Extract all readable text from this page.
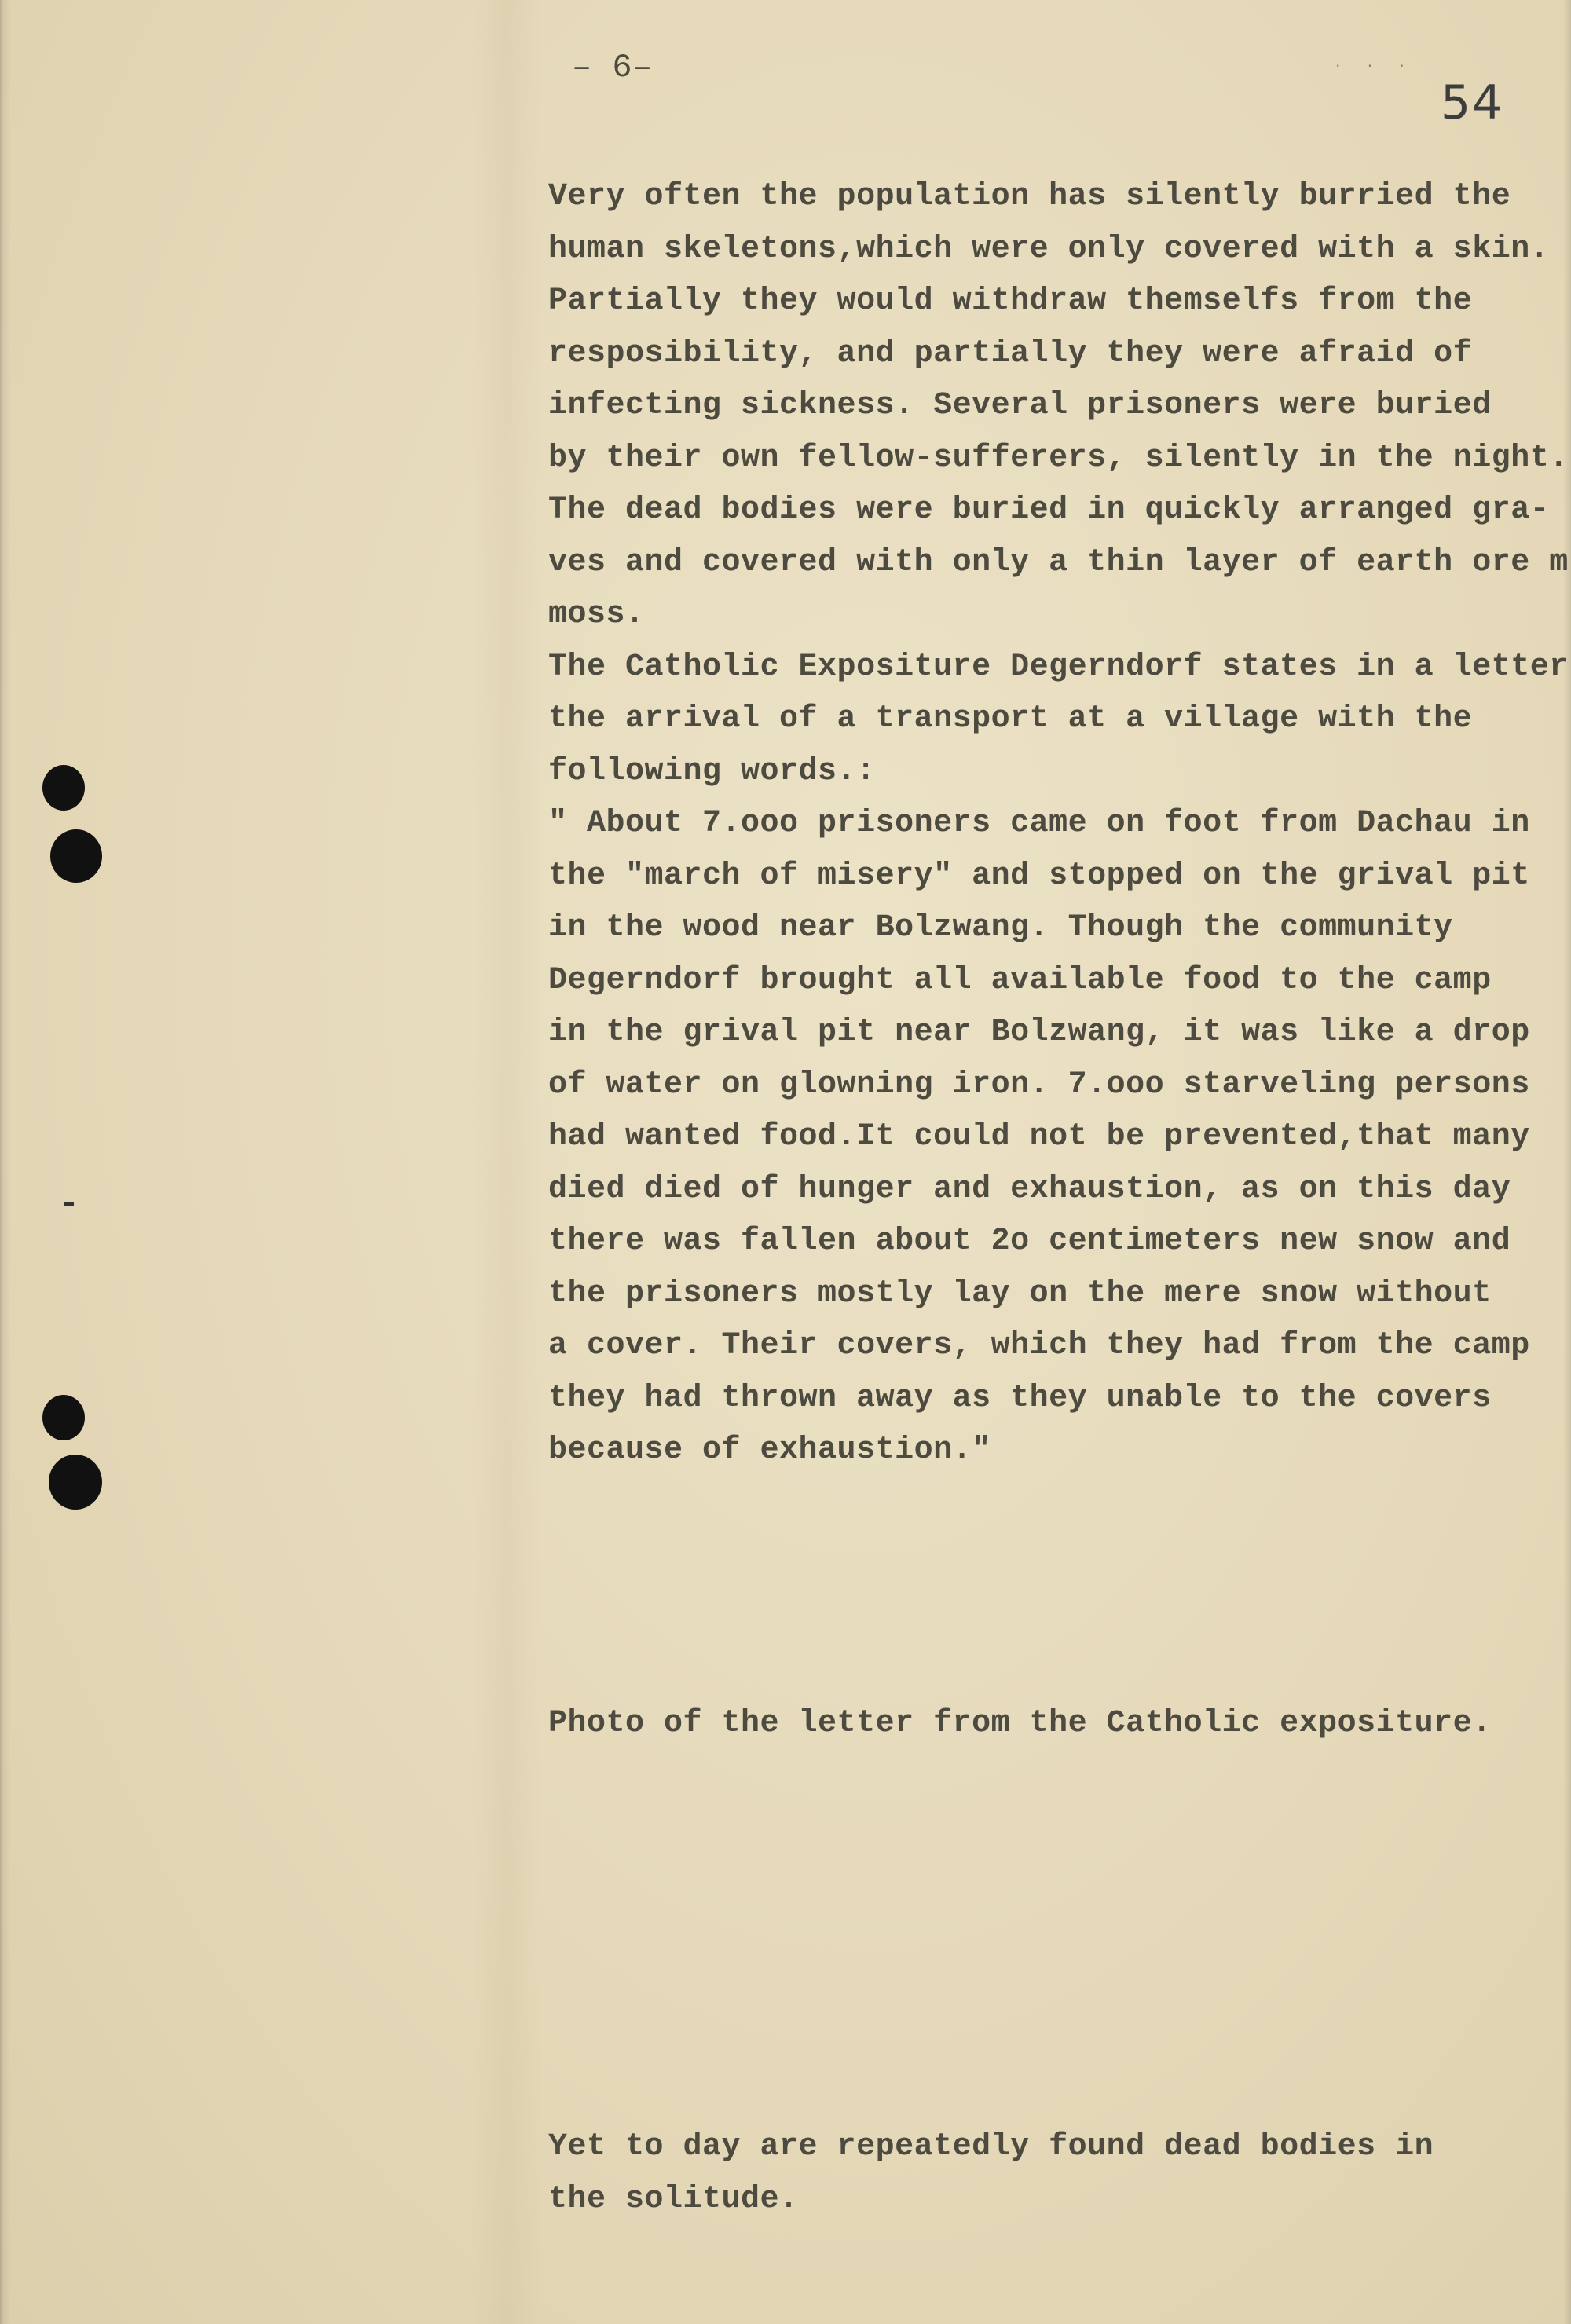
– 6–	· · ·
54
Very often the population has silently burried the
human skeletons,which were only covered with a skin.
Partially they would withdraw themselfs from the
resposibility, and partially they were afraid of
infecting sickness. Several prisoners were buried
by their own fellow-sufferers, silently in the night.
The dead bodies were buried in quickly arranged gra-
ves and covered with only a thin layer of earth ore m
moss.
The Catholic Expositure Degerndorf states in a letter
the arrival of a transport at a village with the
following words.:
" About 7.ooo prisoners came on foot from Dachau in
the "march of misery" and stopped on the grival pit
in the wood near Bolzwang. Though the community
Degerndorf brought all available food to the camp
in the grival pit near Bolzwang, it was like a drop
of water on glowning iron. 7.ooo starveling persons
had wanted food.It could not be prevented,that many
died died of hunger and exhaustion, as on this day
there was fallen about 2o centimeters new snow and
the prisoners mostly lay on the mere snow without
a cover. Their covers, which they had from the camp
they had thrown away as they unable to the covers
because of exhaustion."
Photo of the letter from the Catholic expositure.
Yet to day are repeatedly found dead bodies in
the solitude.
